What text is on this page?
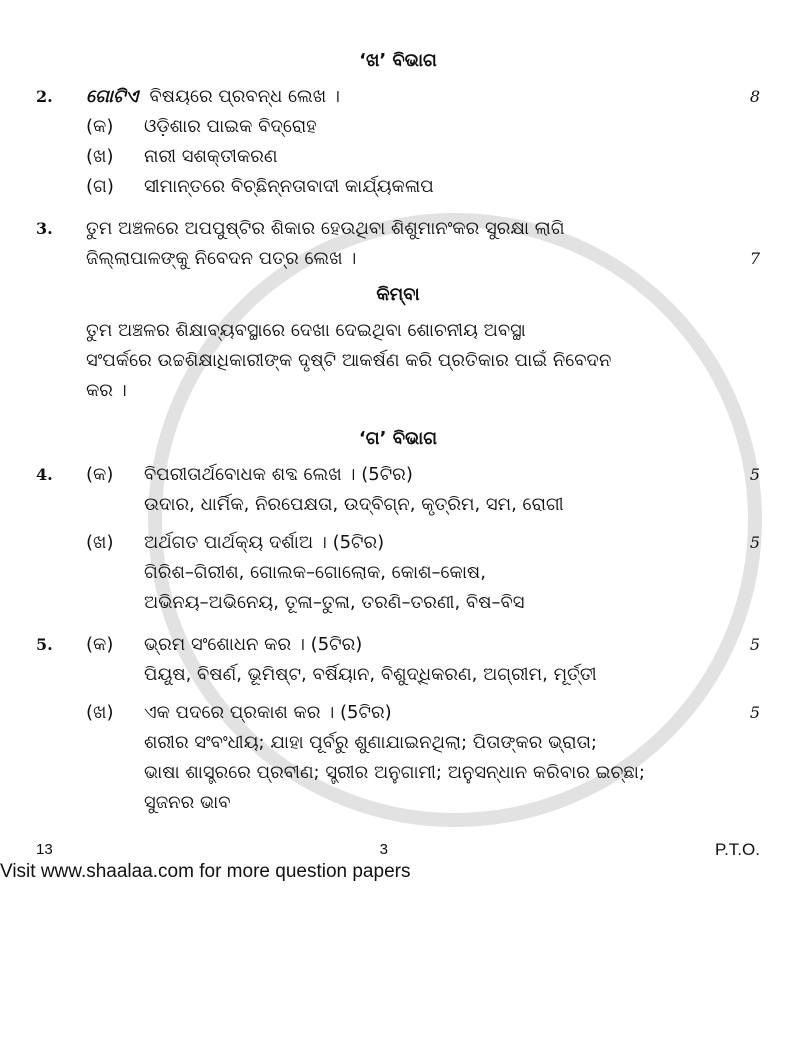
‘ଖ’ ବିଭାଗ
2.	ଗୋଟିଏ ବିଷୟରେ ପ୍ରବନ୍ଧ ଲେଖ ।	8
(କ)	ଓଡ଼ିଶାର ପାଇକ ବିଦ୍ରୋହ
(ଖ)	ନାରୀ ସଶକ୍ତୀକରଣ
(ଗ)	ସୀମାନ୍ତରେ ବିଚ୍ଛିନ୍ନତାବାଦୀ କାର୍ଯ୍ୟକଳାପ
3.	ତୁମ ଅଞ୍ଚଳରେ ଅପପୁଷ୍ଟିର ଶିକାର ହେଉଥିବା ଶିଶୁମାନଂକର ସୁରକ୍ଷା ଲାଗି
ଜିଲ୍ଲାପାଳଙ୍କୁ ନିବେଦନ ପତ୍ର ଲେଖ ।	7
କିମ୍ବା
ତୁମ ଅଞ୍ଚଳର ଶିକ୍ଷାବ୍ୟବସ୍ଥାରେ ଦେଖା ଦେଇଥିବା ଶୋଚନୀୟ ଅବସ୍ଥା
ସଂପର୍କରେ ଉଚ୍ଚଶିକ୍ଷାଧିକାରୀଙ୍କ ଦୃଷ୍ଟି ଆକର୍ଷଣ କରି ପ୍ରତିକାର ପାଇଁ ନିବେଦନ
କର ।
‘ଗ’ ବିଭାଗ
4.	(କ)	ବିପରୀତାର୍ଥବୋଧକ ଶବ୍ଦ ଲେଖ । (5ଟିର)	5
ଉଦାର, ଧାର୍ମିକ, ନିରପେକ୍ଷତା, ଉଦ୍‌ବିଗ୍ନ, କୃତ୍ରିମ, ସମ, ରୋଗୀ
(ଖ)	ଅର୍ଥଗତ ପାର୍ଥକ୍ୟ ଦର୍ଶାଅ । (5ଟିର)	5
ଗିରିଶ–ଗିରୀଶ, ଗୋଲକ–ଗୋଲୋକ, କୋଶ–କୋଷ,
ଅଭିନୟ–ଅଭିନେୟ, ତୂଳା–ତୁଳା, ତରଣି–ତରଣୀ, ବିଷ–ବିସ
5.	(କ)	ଭ୍ରମ ସଂଶୋଧନ କର । (5ଟିର)	5
ପିୟୂଷ, ବିଷର୍ଣ, ଭୂମିଷ୍ଟ, ବର୍ଷିୟାନ, ବିଶୁଦ୍ଧିକରଣ, ଅଗ୍ରୀମ, ମୂର୍ତ୍ତୀ
(ଖ)	ଏକ ପଦରେ ପ୍ରକାଶ କର । (5ଟିର)	5
ଶରୀର ସଂବଂଧୀୟ; ଯାହା ପୂର୍ବରୁ ଶୁଣାଯାଇନଥିଲା; ପିତାଙ୍କର ଭ୍ରାତା;
ଭାଷା ଶାସ୍ତ୍ରରେ ପ୍ରବୀଣ; ସ୍ତ୍ରୀର ଅନୁଗାମୀ; ଅନୁସନ୍ଧାନ କରିବାର ଇଚ୍ଛା;
ସୁଜନର ଭାବ
13	3	P.T.O.
Visit www.shaalaa.com for more question papers
